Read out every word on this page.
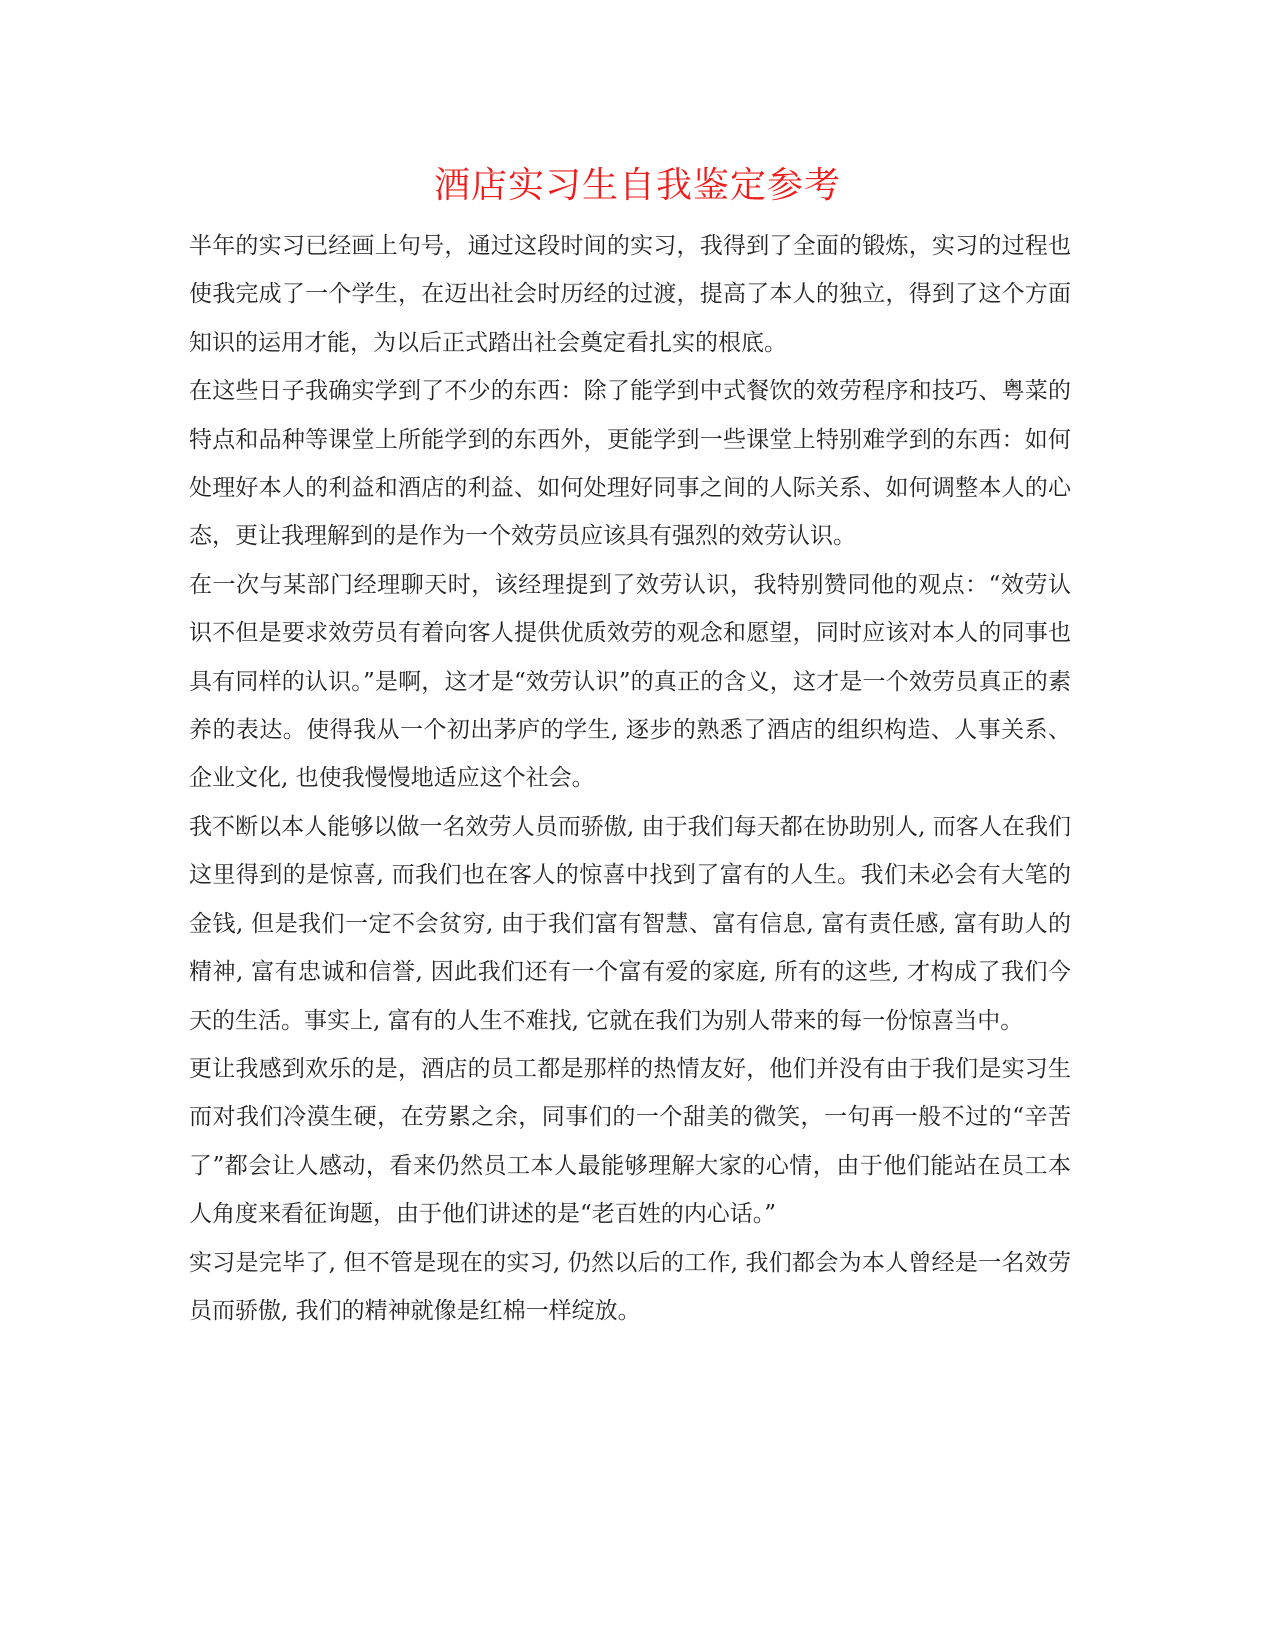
酒店实习生自我鉴定参考

半年的实习已经画上句号，通过这段时间的实习，我得到了全面的锻炼，实习的过程也使我完成了一个学生，在迈出社会时历经的过渡，提高了本人的独立，得到了这个方面知识的运用才能，为以后正式踏出社会奠定看扎实的根底。

在这些日子我确实学到了不少的东西：除了能学到中式餐饮的效劳程序和技巧、粤菜的特点和品种等课堂上所能学到的东西外，更能学到一些课堂上特别难学到的东西：如何处理好本人的利益和酒店的利益、如何处理好同事之间的人际关系、如何调整本人的心态，更让我理解到的是作为一个效劳员应该具有强烈的效劳认识。

在一次与某部门经理聊天时，该经理提到了效劳认识，我特别赞同他的观点：“效劳认识不但是要求效劳员有着向客人提供优质效劳的观念和愿望，同时应该对本人的同事也具有同样的认识。”是啊，这才是“效劳认识”的真正的含义，这才是一个效劳员真正的素养的表达。使得我从一个初出茅庐的学生, 逐步的熟悉了酒店的组织构造、人事关系、企业文化, 也使我慢慢地适应这个社会。

我不断以本人能够以做一名效劳人员而骄傲, 由于我们每天都在协助别人, 而客人在我们这里得到的是惊喜, 而我们也在客人的惊喜中找到了富有的人生。我们未必会有大笔的金钱, 但是我们一定不会贫穷, 由于我们富有智慧、富有信息, 富有责任感, 富有助人的精神, 富有忠诚和信誉, 因此我们还有一个富有爱的家庭, 所有的这些, 才构成了我们今天的生活。事实上, 富有的人生不难找, 它就在我们为别人带来的每一份惊喜当中。

更让我感到欢乐的是，酒店的员工都是那样的热情友好，他们并没有由于我们是实习生而对我们冷漠生硬，在劳累之余，同事们的一个甜美的微笑，一句再一般不过的“辛苦了”都会让人感动，看来仍然员工本人最能够理解大家的心情，由于他们能站在员工本人角度来看征询题，由于他们讲述的是“老百姓的内心话。”

实习是完毕了, 但不管是现在的实习, 仍然以后的工作, 我们都会为本人曾经是一名效劳员而骄傲, 我们的精神就像是红棉一样绽放。
